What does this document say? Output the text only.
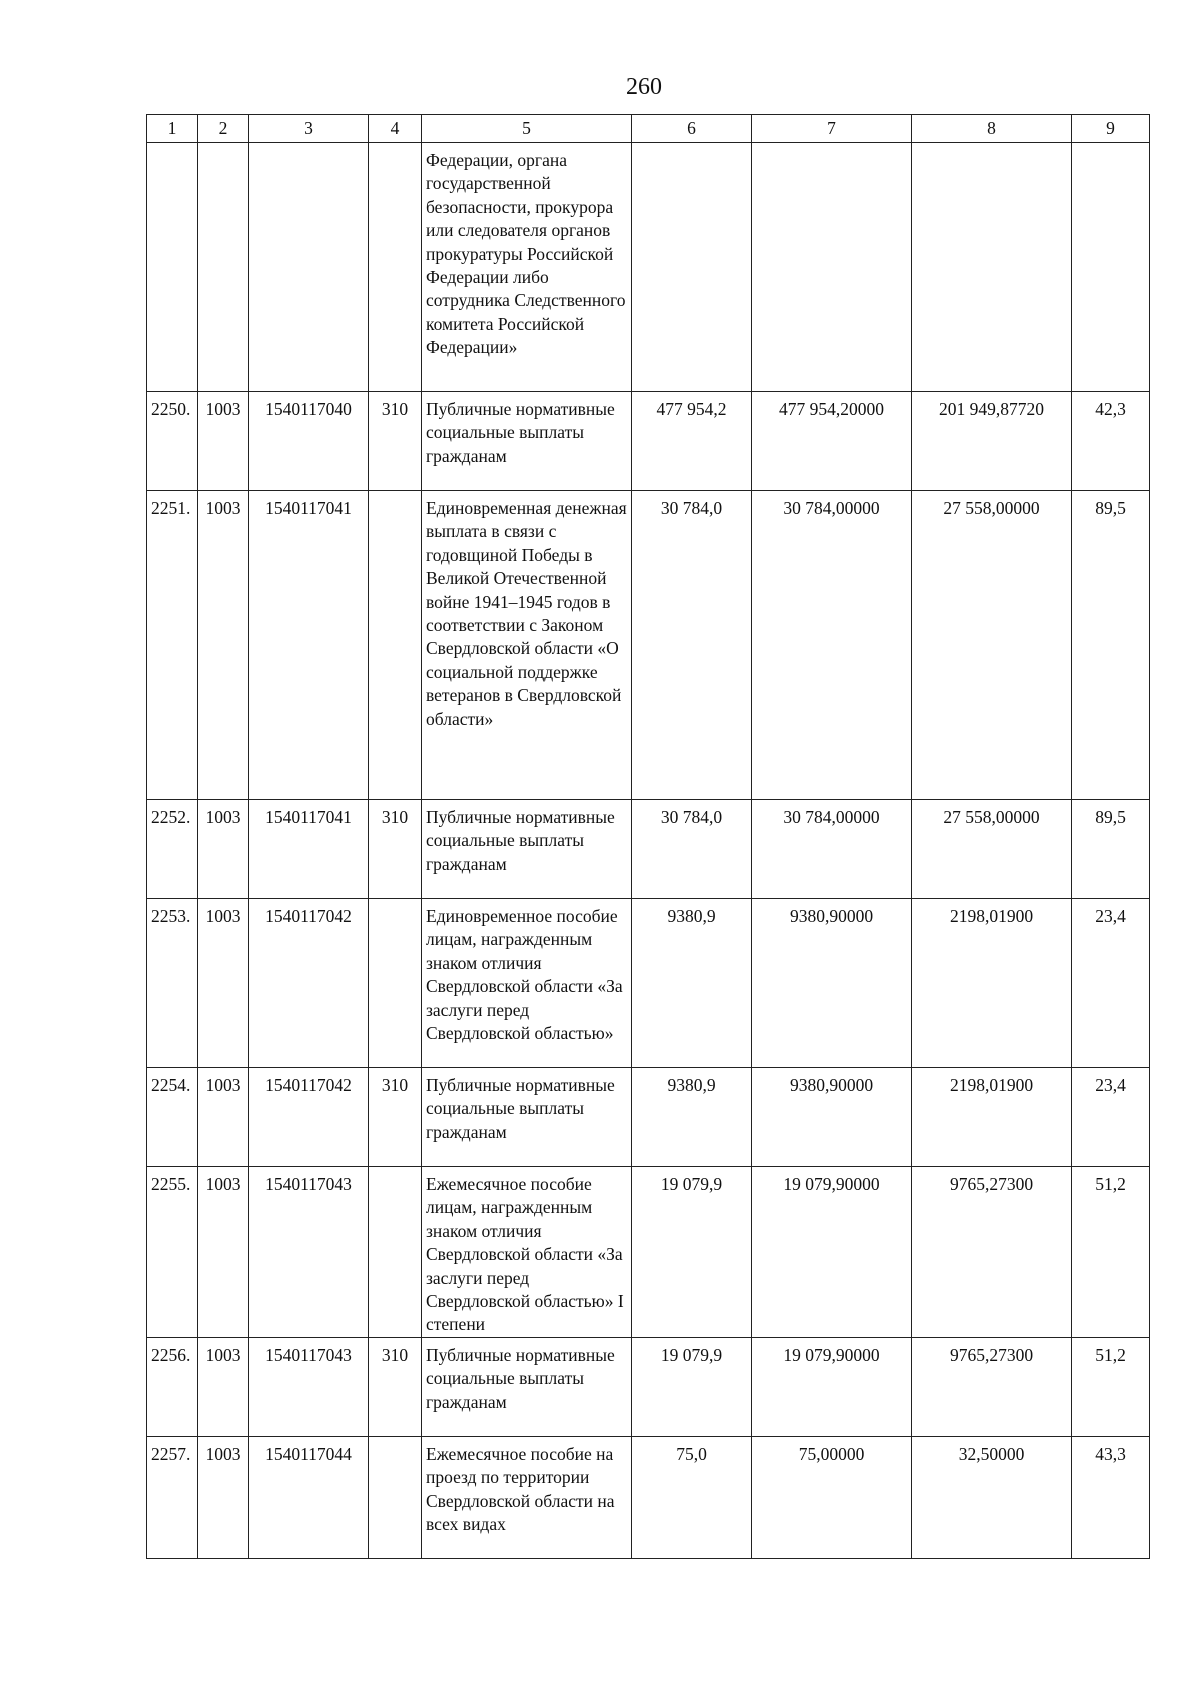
260
1	2	3	4	5	6	7	8	9
				Федерации, органа государственной безопасности, прокурора или следователя органов прокуратуры Российской Федерации либо сотрудника Следственного комитета Российской Федерации»				
2250.	1003	1540117040	310	Публичные нормативные социальные выплаты гражданам	477 954,2	477 954,20000	201 949,87720	42,3
2251.	1003	1540117041		Единовременная денежная выплата в связи с годовщиной Победы в Великой Отечественной войне 1941–1945 годов в соответствии с Законом Свердловской области «О социальной поддержке ветеранов в Свердловской области»	30 784,0	30 784,00000	27 558,00000	89,5
2252.	1003	1540117041	310	Публичные нормативные социальные выплаты гражданам	30 784,0	30 784,00000	27 558,00000	89,5
2253.	1003	1540117042		Единовременное пособие лицам, награжденным знаком отличия Свердловской области «За заслуги перед Свердловской областью»	9380,9	9380,90000	2198,01900	23,4
2254.	1003	1540117042	310	Публичные нормативные социальные выплаты гражданам	9380,9	9380,90000	2198,01900	23,4
2255.	1003	1540117043		Ежемесячное пособие лицам, награжденным знаком отличия Свердловской области «За заслуги перед Свердловской областью» I степени	19 079,9	19 079,90000	9765,27300	51,2
2256.	1003	1540117043	310	Публичные нормативные социальные выплаты гражданам	19 079,9	19 079,90000	9765,27300	51,2
2257.	1003	1540117044		Ежемесячное пособие на проезд по территории Свердловской области на всех видах	75,0	75,00000	32,50000	43,3
